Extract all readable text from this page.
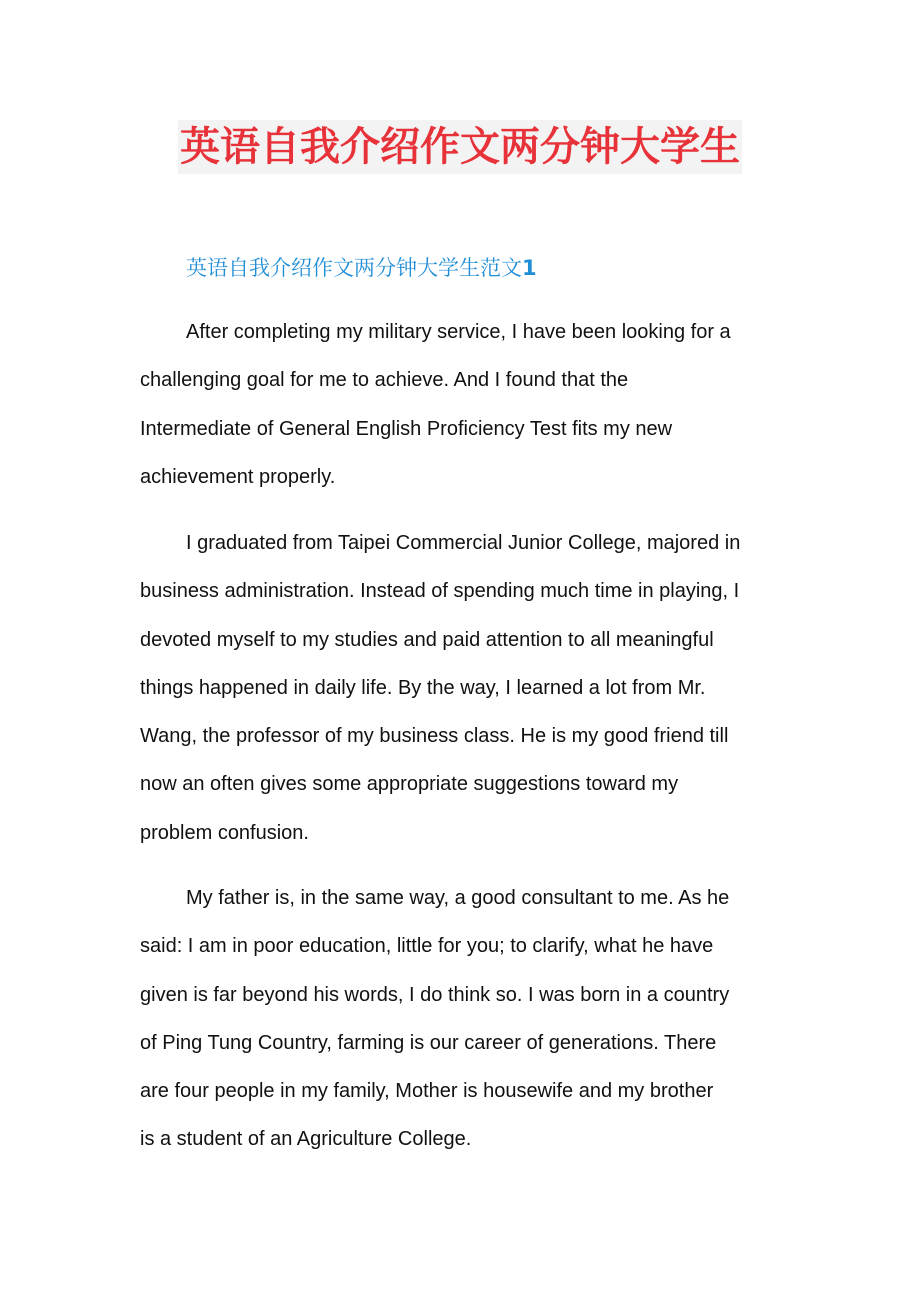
英语自我介绍作文两分钟大学生
英语自我介绍作文两分钟大学生范文1
After completing my military service, I have been looking for a
challenging goal for me to achieve. And I found that the
Intermediate of General English Proficiency Test fits my new
achievement properly.
I graduated from Taipei Commercial Junior College, majored in
business administration. Instead of spending much time in playing, I
devoted myself to my studies and paid attention to all meaningful
things happened in daily life. By the way, I learned a lot from Mr.
Wang, the professor of my business class. He is my good friend till
now an often gives some appropriate suggestions toward my
problem confusion.
My father is, in the same way, a good consultant to me. As he
said: I am in poor education, little for you; to clarify, what he have
given is far beyond his words, I do think so. I was born in a country
of Ping Tung Country, farming is our career of generations. There
are four people in my family, Mother is housewife and my brother
is a student of an Agriculture College.
